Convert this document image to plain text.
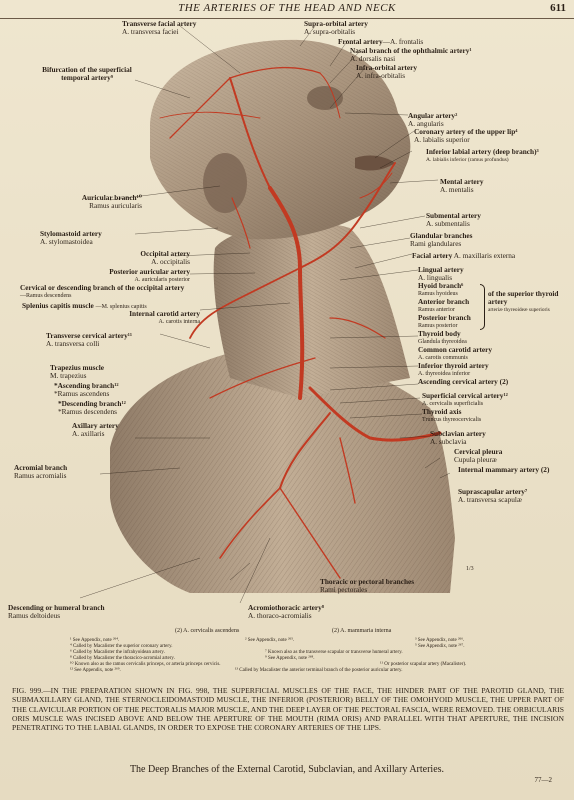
THE ARTERIES OF THE HEAD AND NECK	611
Transverse facial artery
A. transversa faciei
Bifurcation of the superficial temporal artery⁹
Auricular branch¹⁰
Ramus auricularis
Stylomastoid artery
A. stylomastoidea
Occipital artery
A. occipitalis
Posterior auricular artery
A. auricularis posterior
Cervical or descending branch of the occipital artery
—Ramus descendens
Splenius capitis muscle —M. splenius capitis
Internal carotid artery
A. carotis interna
Transverse cervical artery¹¹
A. transversa colli
Trapezius muscle
M. trapezius
*Ascending branch¹²
*Ramus ascendens
*Descending branch¹²
*Ramus descendens
Axillary artery
A. axillaris
Acromial branch
Ramus acromialis
Descending or humeral branch
Ramus deltoideus
Supra-orbital artery
A. supra-orbitalis
Frontal artery—A. frontalis
Nasal branch of the ophthalmic artery¹
A. dorsalis nasi
Infra-orbital artery
A. infra-orbitalis
Angular artery²
A. angularis
Coronary artery of the upper lip⁴
A. labialis superior
Inferior labial artery (deep branch)³
A. labialis inferior (ramus profundus)
Mental artery
A. mentalis
Submental artery
A. submentalis
Glandular branches
Rami glandulares
Facial artery A. maxillaris externa
Lingual artery
A. lingualis
Hyoid branch⁶
Ramus hyoideus
Anterior branch
Ramus anterior
Posterior branch
Ramus posterior
of the superior thyroid artery
arteriæ thyreoideæ superioris
Thyroid body
Glandula thyreoidea
Common carotid artery
A. carotis communis
Inferior thyroid artery
A. thyreoidea inferior
Ascending cervical artery (2)
Superficial cervical artery¹²
A. cervicalis superficialis
Thyroid axis
Truncus thyreocervicalis
Subclavian artery
A. subclavia
Cervical pleura
Cupula pleuræ
Internal mammary artery (2)
Suprascapular artery⁷
A. transversa scapulæ
Thoracic or pectoral branches
Rami pectorales
Acromiothoracic artery⁸
A. thoraco-acromialis
1/3
(2) A. cervicalis ascendens	(2) A. mammaria interna
¹ See Appendix, note ²⁶⁴.	² See Appendix, note ²⁶⁵.	³ See Appendix, note ²⁶⁶.
⁴ Called by Macalister the superior coronary artery.	⁵ See Appendix, note ²⁶⁷.
⁶ Called by Macalister the infrahyoidean artery.	⁷ Known also as the transverse scapular or transverse humeral artery.
⁸ Called by Macalister the thoracico-acromial artery.	⁹ See Appendix, note ²⁶⁸.
¹⁰ Known also as the ramus cervicalis princeps, or arteria princeps cervicis.	¹¹ Or posterior scapular artery (Macalister).
¹² See Appendix, note ²⁶⁹.	¹³ Called by Macalister the anterior terminal branch of the posterior auricular artery.
FIG. 999.—IN THE PREPARATION SHOWN IN FIG. 998, THE SUPERFICIAL MUSCLES OF THE FACE, THE HINDER PART OF THE PAROTID GLAND, THE SUBMAXILLARY GLAND, THE STERNOCLEIDOMASTOID MUSCLE, THE INFERIOR (POSTERIOR) BELLY OF THE OMOHYOID MUSCLE, THE UPPER PART OF THE CLAVICULAR PORTION OF THE PECTORALIS MAJOR MUSCLE, AND THE DEEP LAYER OF THE PECTORAL FASCIA, WERE REMOVED. THE ORBICULARIS ORIS MUSCLE WAS INCISED ABOVE AND BELOW THE APERTURE OF THE MOUTH (RIMA ORIS) AND PARALLEL WITH THAT APERTURE, THE INCISION PENETRATING TO THE LABIAL GLANDS, IN ORDER TO EXPOSE THE CORONARY ARTERIES OF THE LIPS.
The Deep Branches of the External Carotid, Subclavian, and Axillary Arteries.
77—2
